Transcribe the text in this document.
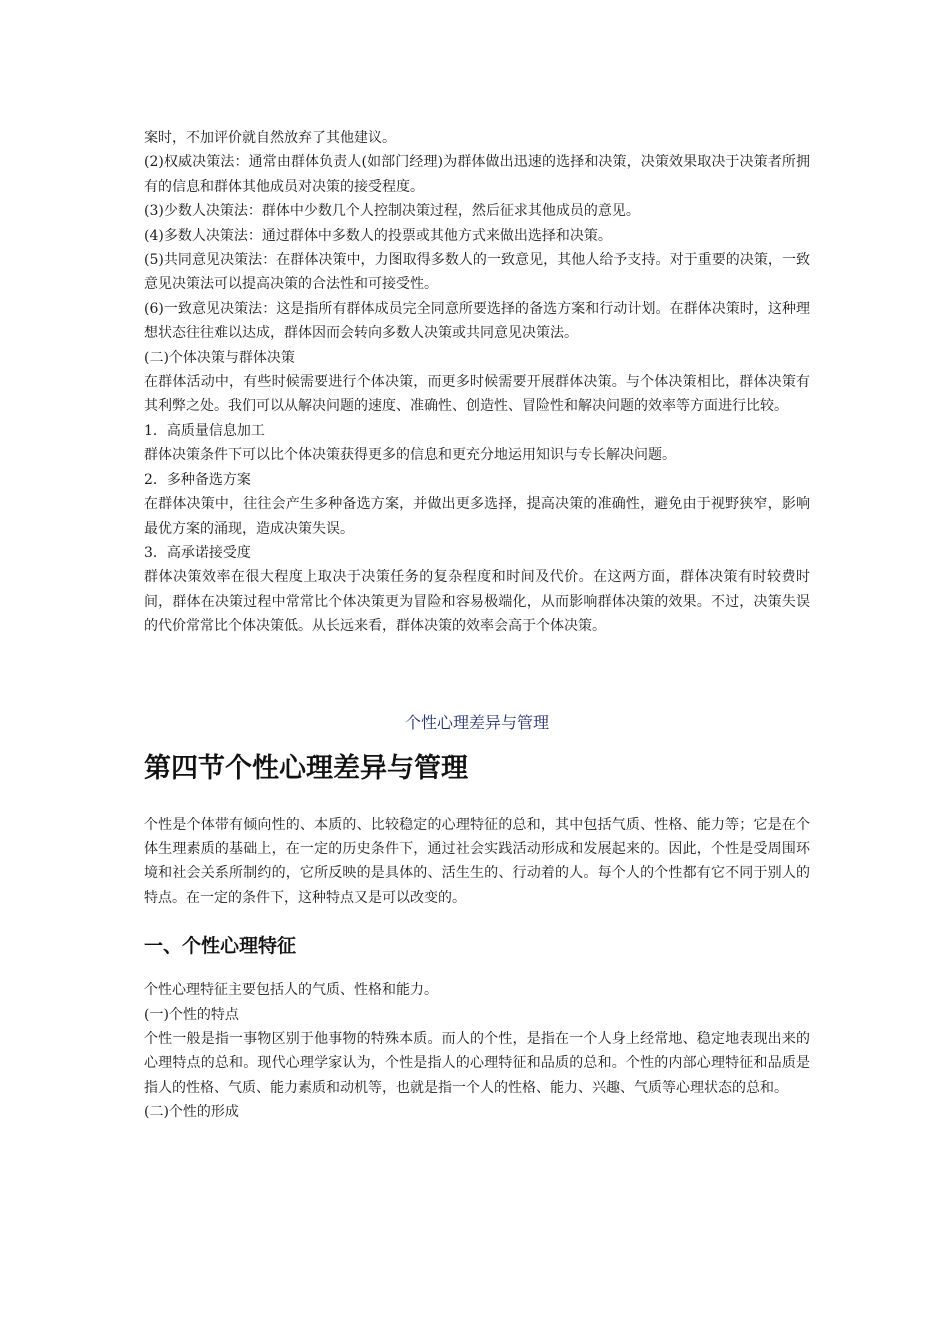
案时，不加评价就自然放弃了其他建议。

(2)权威决策法：通常由群体负责人(如部门经理)为群体做出迅速的选择和决策，决策效果取决于决策者所拥有的信息和群体其他成员对决策的接受程度。

(3)少数人决策法：群体中少数几个人控制决策过程，然后征求其他成员的意见。

(4)多数人决策法：通过群体中多数人的投票或其他方式来做出选择和决策。

(5)共同意见决策法：在群体决策中，力图取得多数人的一致意见，其他人给予支持。对于重要的决策，一致意见决策法可以提高决策的合法性和可接受性。

(6)一致意见决策法：这是指所有群体成员完全同意所要选择的备选方案和行动计划。在群体决策时，这种理想状态往往难以达成，群体因而会转向多数人决策或共同意见决策法。

(二)个体决策与群体决策

在群体活动中，有些时候需要进行个体决策，而更多时候需要开展群体决策。与个体决策相比，群体决策有其利弊之处。我们可以从解决问题的速度、准确性、创造性、冒险性和解决问题的效率等方面进行比较。

1．高质量信息加工

群体决策条件下可以比个体决策获得更多的信息和更充分地运用知识与专长解决问题。

2．多种备选方案

在群体决策中，往往会产生多种备选方案，并做出更多选择，提高决策的准确性，避免由于视野狭窄，影响最优方案的涌现，造成决策失误。

3．高承诺接受度

群体决策效率在很大程度上取决于决策任务的复杂程度和时间及代价。在这两方面，群体决策有时较费时间，群体在决策过程中常常比个体决策更为冒险和容易极端化，从而影响群体决策的效果。不过，决策失误的代价常常比个体决策低。从长远来看，群体决策的效率会高于个体决策。

个性心理差异与管理
第四节个性心理差异与管理

个性是个体带有倾向性的、本质的、比较稳定的心理特征的总和，其中包括气质、性格、能力等；它是在个体生理素质的基础上，在一定的历史条件下，通过社会实践活动形成和发展起来的。因此，个性是受周围环境和社会关系所制约的，它所反映的是具体的、活生生的、行动着的人。每个人的个性都有它不同于别人的特点。在一定的条件下，这种特点又是可以改变的。

一、个性心理特征

个性心理特征主要包括人的气质、性格和能力。

(一)个性的特点

个性一般是指一事物区别于他事物的特殊本质。而人的个性，是指在一个人身上经常地、稳定地表现出来的心理特点的总和。现代心理学家认为，个性是指人的心理特征和品质的总和。个性的内部心理特征和品质是指人的性格、气质、能力素质和动机等，也就是指一个人的性格、能力、兴趣、气质等心理状态的总和。

(二)个性的形成
